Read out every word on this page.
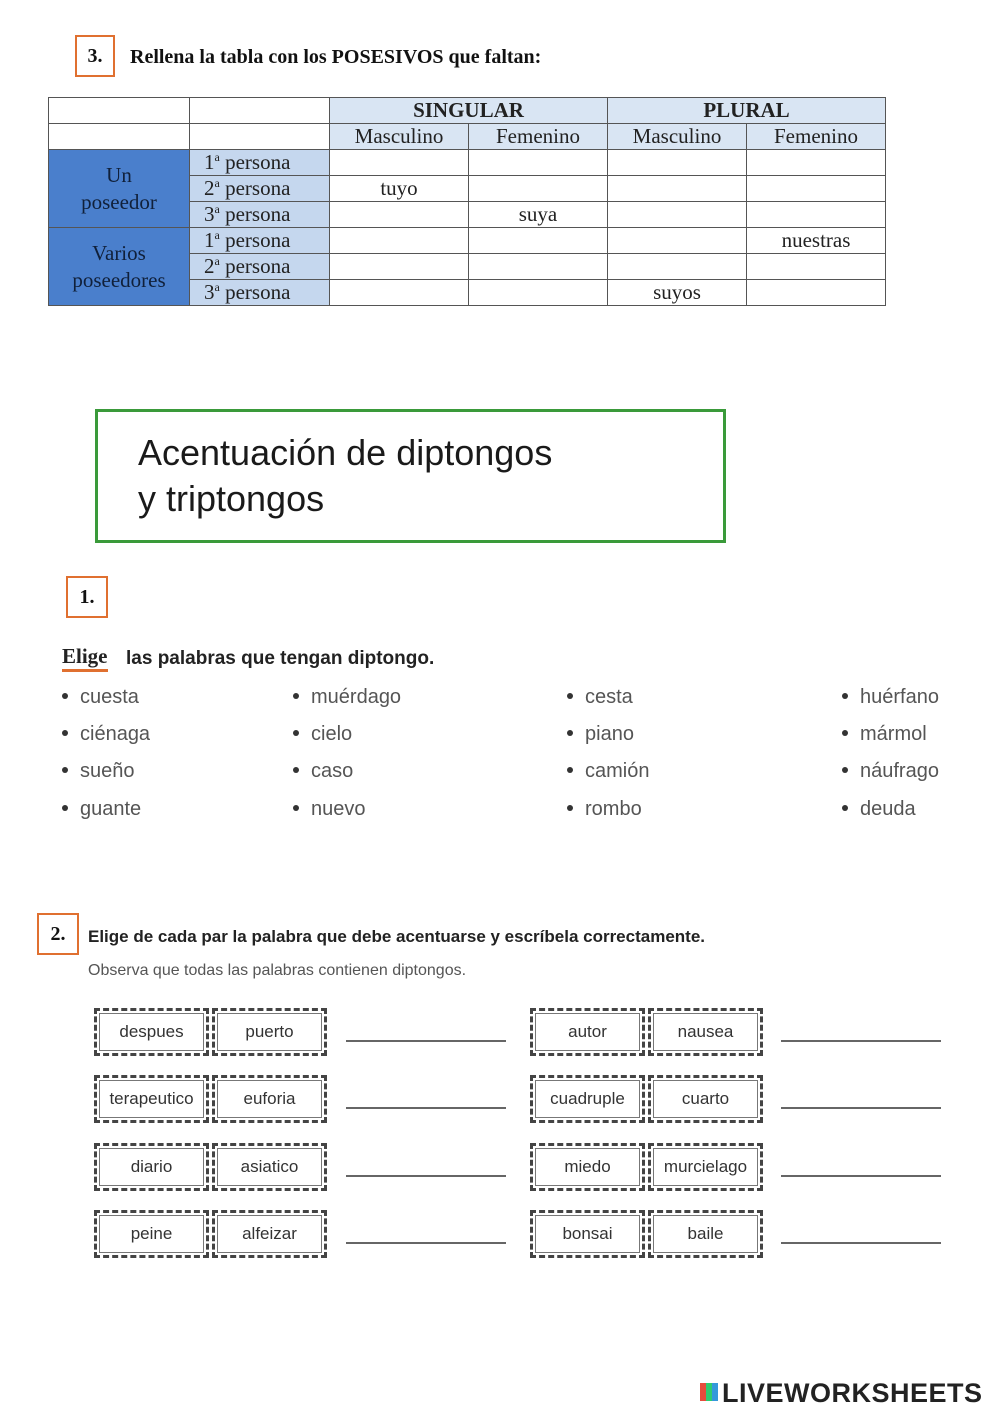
3.	Rellena la tabla con los POSESIVOS que faltan:
		SINGULAR		PLURAL	
		Masculino	Femenino	Masculino	Femenino
Un
poseedor	1$^a$ persona				
	2$^a$ persona	tuyo			
	3$^a$ persona		suya		
Varios
poseedores	1$^a$ persona				nuestras
	2$^a$ persona				
	3$^a$ persona			suyos	
Acentuación de diptongos
y triptongos
1.
Elige las palabras que tengan diptongo.
cuesta
ciénaga
sueño
guante
muérdago
cielo
caso
nuevo
cesta
piano
camión
rombo
huérfano
mármol
náufrago
deuda
2.	Elige de cada par la palabra que debe acentuarse y escríbela correctamente.
Observa que todas las palabras contienen diptongos.
despues	puerto
terapeutico	euforia
diario	asiatico
peine	alfeizar
autor	nausea
cuadruple	cuarto
miedo	murcielago
bonsai	baile
LIVEWORKSHEETS
